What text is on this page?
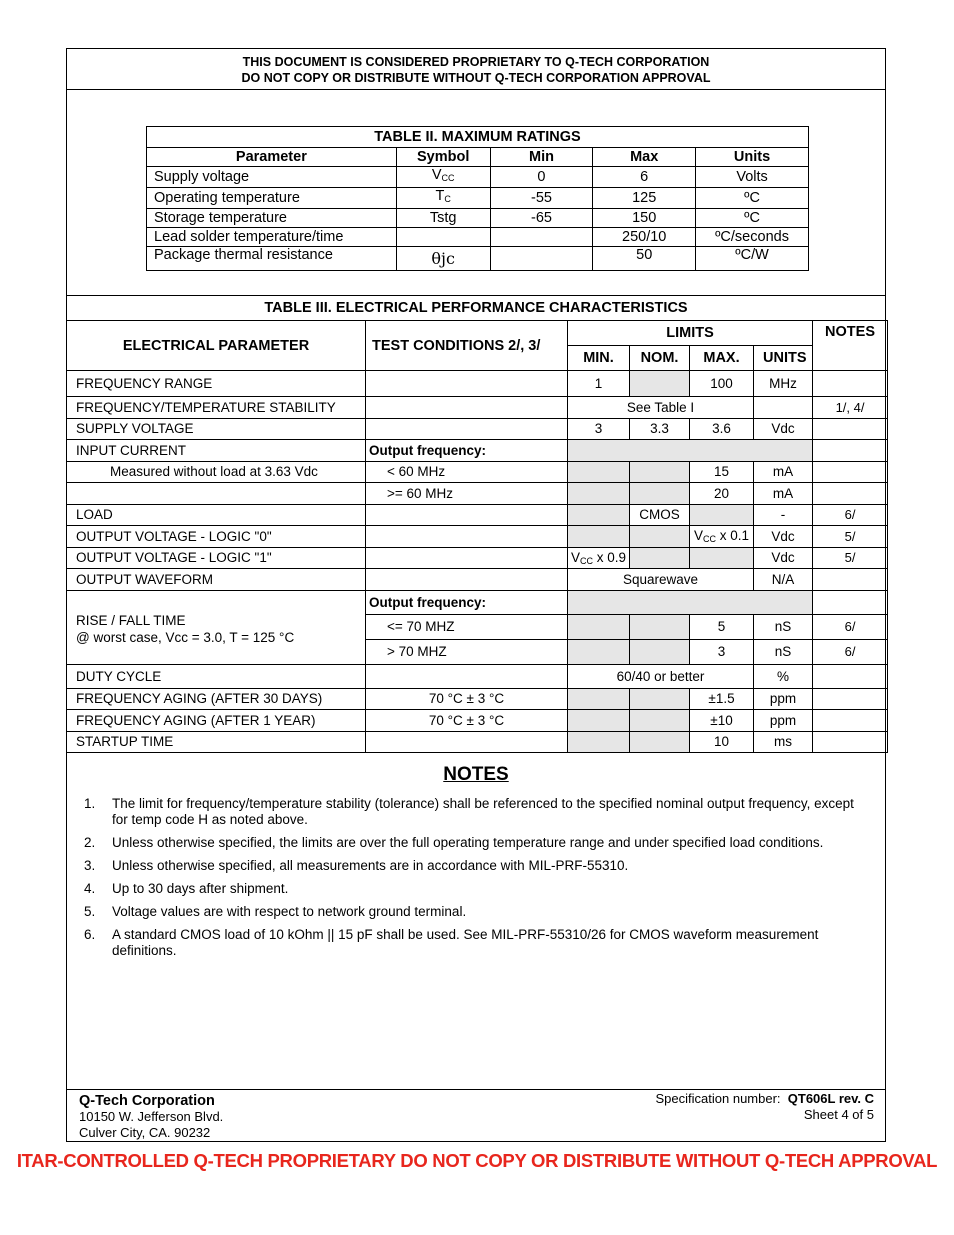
THIS DOCUMENT IS CONSIDERED PROPRIETARY TO Q-TECH CORPORATION
DO NOT COPY OR DISTRIBUTE WITHOUT Q-TECH CORPORATION APPROVAL
TABLE II. MAXIMUM RATINGS				
Parameter	Symbol	Min	Max	Units
Supply voltage	$V_{CC}$	0	6	Volts
Operating temperature	$T_C$	-55	125	ºC
Storage temperature	Tstg	-65	150	ºC
Lead solder temperature/time			250/10	ºC/seconds
Package thermal resistance	θjc		50	ºC/W
TABLE III. ELECTRICAL PERFORMANCE CHARACTERISTICS
ELECTRICAL PARAMETER	TEST CONDITIONS 2/, 3/	LIMITS				NOTES
		MIN.	NOM.	MAX.	UNITS	
FREQUENCY RANGE		1		100	MHz	
FREQUENCY/TEMPERATURE STABILITY		See Table I				1/, 4/
SUPPLY VOLTAGE		3	3.3	3.6	Vdc	
INPUT CURRENT	Output frequency:					
Measured without load at 3.63 Vdc	< 60 MHz			15	mA	
	>= 60 MHz			20	mA	
LOAD			CMOS		-	6/
OUTPUT VOLTAGE - LOGIC "0"				$V_{CC}$ x 0.1	Vdc	5/
OUTPUT VOLTAGE - LOGIC "1"		$V_{CC}$ x 0.9			Vdc	5/
OUTPUT WAVEFORM		Squarewave			N/A	

RISE / FALL TIME
@ worst case, Vcc = 3.0, T = 125 °C	Output frequency:					
	<= 70 MHZ			5	nS	6/
	> 70 MHZ			3	nS	6/
DUTY CYCLE		60/40 or better			%	
FREQUENCY AGING (AFTER 30 DAYS)	70 °C ± 3 °C			±1.5	ppm	
FREQUENCY AGING (AFTER 1 YEAR)	70 °C ± 3 °C			±10	ppm	
STARTUP TIME				10	ms	
NOTES
1. The limit for frequency/temperature stability (tolerance) shall be referenced to the specified nominal output frequency, except for temp code H as noted above.
2. Unless otherwise specified, the limits are over the full operating temperature range and under specified load conditions.
3. Unless otherwise specified, all measurements are in accordance with MIL-PRF-55310.
4. Up to 30 days after shipment.
5. Voltage values are with respect to network ground terminal.
6. A standard CMOS load of 10 kOhm || 15 pF shall be used. See MIL-PRF-55310/26 for CMOS waveform measurement definitions.
Q-Tech Corporation
10150 W. Jefferson Blvd.
Culver City, CA. 90232
Specification number: QT606L rev. C
Sheet 4 of 5
ITAR-CONTROLLED Q-TECH PROPRIETARY DO NOT COPY OR DISTRIBUTE WITHOUT Q-TECH APPROVAL
